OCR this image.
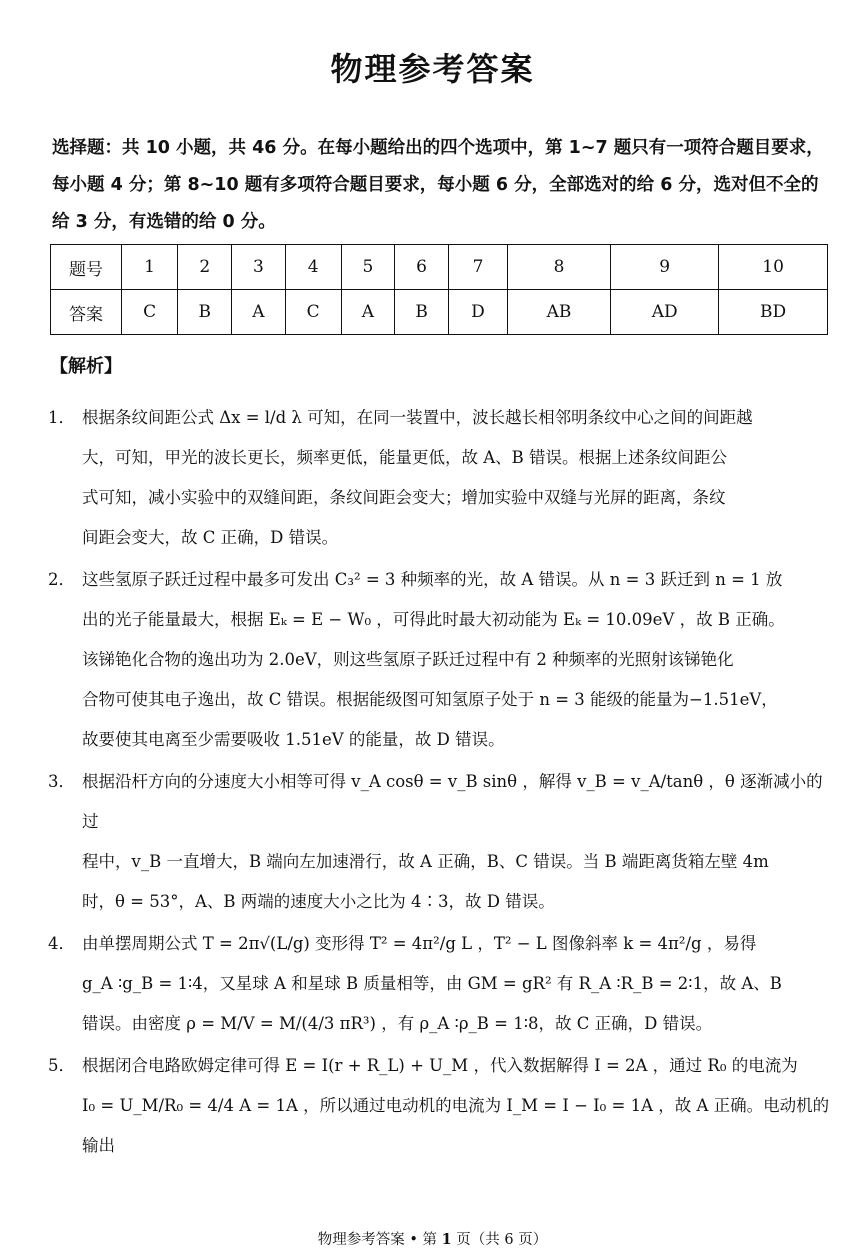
物理参考答案
选择题：共 10 小题，共 46 分。在每小题给出的四个选项中，第 1~7 题只有一项符合题目要求，每小题 4 分；第 8~10 题有多项符合题目要求，每小题 6 分，全部选对的给 6 分，选对但不全的给 3 分，有选错的给 0 分。
题号	1	2	3	4	5	6	7	8	9	10
答案	C	B	A	C	A	B	D	AB	AD	BD
【解析】
1． 根据条纹间距公式 Δx = l/d λ 可知，在同一装置中，波长越长相邻明条纹中心之间的间距越

大，可知，甲光的波长更长，频率更低，能量更低，故 A、B 错误。根据上述条纹间距公

式可知，减小实验中的双缝间距，条纹间距会变大；增加实验中双缝与光屏的距离，条纹

间距会变大，故 C 正确，D 错误。

2． 这些氢原子跃迁过程中最多可发出 C₃² = 3 种频率的光，故 A 错误。从 n = 3 跃迁到 n = 1 放

出的光子能量最大，根据 Eₖ = E − W₀ ，可得此时最大初动能为 Eₖ = 10.09eV ，故 B 正确。

该锑铯化合物的逸出功为 2.0eV，则这些氢原子跃迁过程中有 2 种频率的光照射该锑铯化

合物可使其电子逸出，故 C 错误。根据能级图可知氢原子处于 n = 3 能级的能量为−1.51eV，

故要使其电离至少需要吸收 1.51eV 的能量，故 D 错误。

3． 根据沿杆方向的分速度大小相等可得 v_A cosθ = v_B sinθ ，解得 v_B = v_A/tanθ ，θ 逐渐减小的过

程中，v_B 一直增大，B 端向左加速滑行，故 A 正确，B、C 错误。当 B 端距离货箱左壁 4m

时，θ = 53°，A、B 两端的速度大小之比为 4∶3，故 D 错误。

4． 由单摆周期公式 T = 2π√(L/g) 变形得 T² = 4π²/g L ，T² − L 图像斜率 k = 4π²/g ，易得

g_A ∶g_B = 1∶4，又星球 A 和星球 B 质量相等，由 GM = gR² 有 R_A ∶R_B = 2∶1，故 A、B

错误。由密度 ρ = M/V = M/(4/3 πR³) ，有 ρ_A ∶ρ_B = 1∶8，故 C 正确，D 错误。

5． 根据闭合电路欧姆定律可得 E = I(r + R_L) + U_M ，代入数据解得 I = 2A ，通过 R₀ 的电流为

I₀ = U_M/R₀ = 4/4 A = 1A ，所以通过电动机的电流为 I_M = I − I₀ = 1A ，故 A 正确。电动机的输出

物理参考答案 • 第 1 页（共 6 页）
